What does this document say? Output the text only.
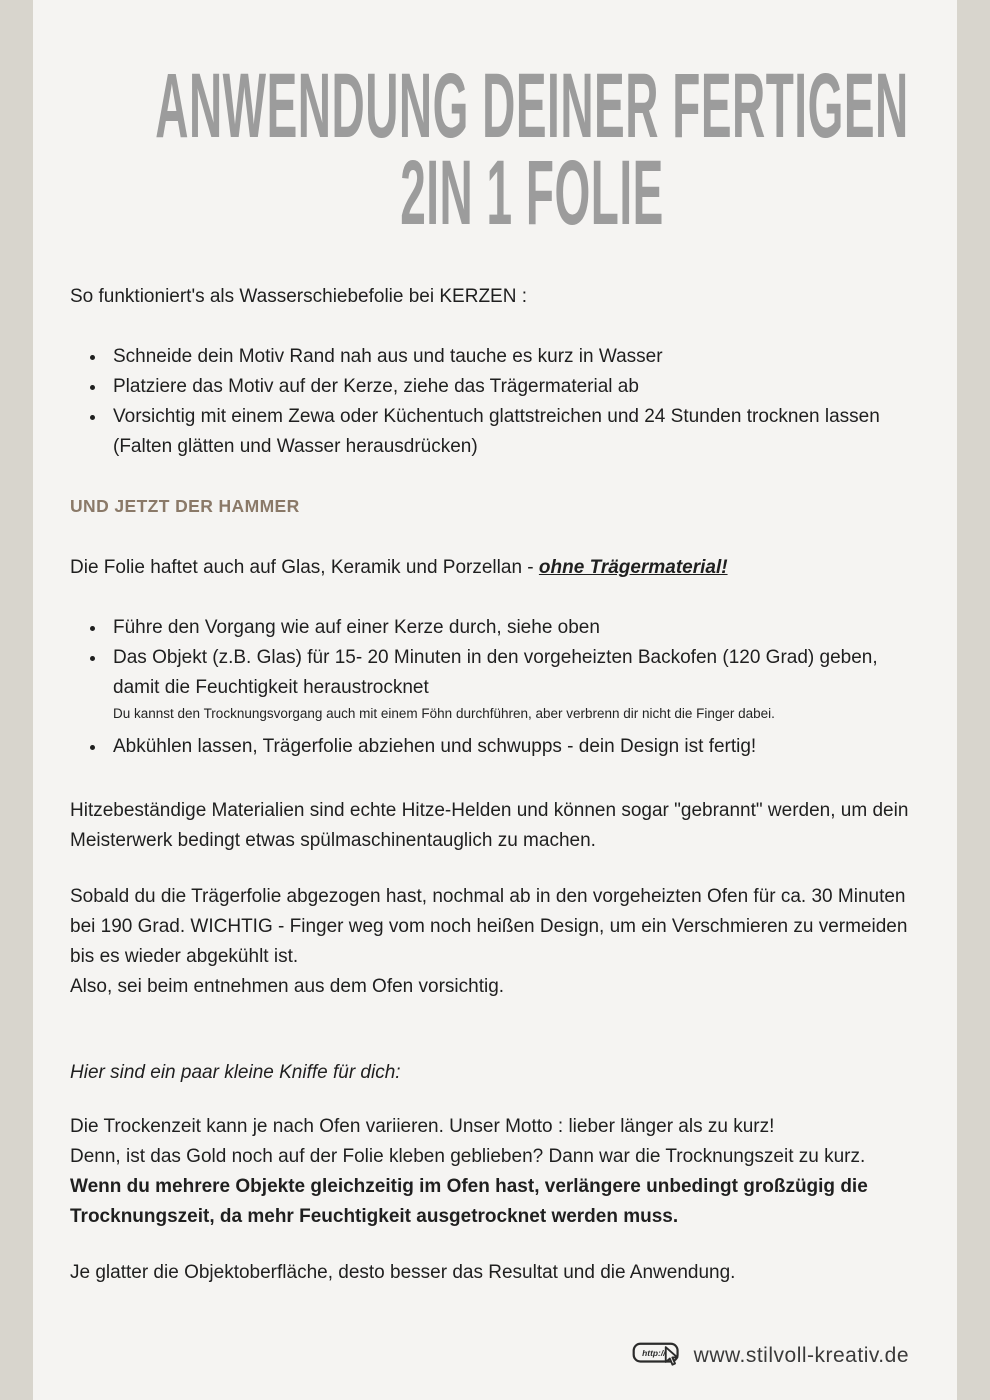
ANWENDUNG DEINER FERTIGEN
2IN 1 FOLIE

So funktioniert's als Wasserschiebefolie bei KERZEN :

Schneide dein Motiv Rand nah aus und tauche es kurz in Wasser
Platziere das Motiv auf der Kerze, ziehe das Trägermaterial ab
Vorsichtig mit einem Zewa oder Küchentuch glattstreichen und 24 Stunden trocknen lassen (Falten glätten und Wasser herausdrücken)
UND JETZT DER HAMMER

Die Folie haftet auch auf Glas, Keramik und Porzellan - ohne Trägermaterial!

Führe den Vorgang wie auf einer Kerze durch, siehe oben
Das Objekt (z.B. Glas) für 15- 20 Minuten in den vorgeheizten Backofen (120 Grad) geben, damit die Feuchtigkeit heraustrocknet
Du kannst den Trocknungsvorgang auch mit einem Föhn durchführen, aber verbrenn dir nicht die Finger dabei.
Abkühlen lassen, Trägerfolie abziehen und schwupps - dein Design ist fertig!

Hitzebeständige Materialien sind echte Hitze-Helden und können sogar "gebrannt" werden, um dein Meisterwerk bedingt etwas spülmaschinentauglich zu machen.

Sobald du die Trägerfolie abgezogen hast, nochmal ab in den vorgeheizten Ofen für ca. 30 Minuten bei 190 Grad. WICHTIG - Finger weg vom noch heißen Design, um ein Verschmieren zu vermeiden bis es wieder abgekühlt ist.
Also, sei beim entnehmen aus dem Ofen vorsichtig.

Hier sind ein paar kleine Kniffe für dich:

Die Trockenzeit kann je nach Ofen variieren. Unser Motto : lieber länger als zu kurz!
Denn, ist das Gold noch auf der Folie kleben geblieben? Dann war die Trocknungszeit zu kurz.
Wenn du mehrere Objekte gleichzeitig im Ofen hast, verlängere unbedingt großzügig die Trocknungszeit, da mehr Feuchtigkeit ausgetrocknet werden muss.

Je glatter die Objektoberfläche, desto besser das Resultat und die Anwendung.

http:// www.stilvoll-kreativ.de
